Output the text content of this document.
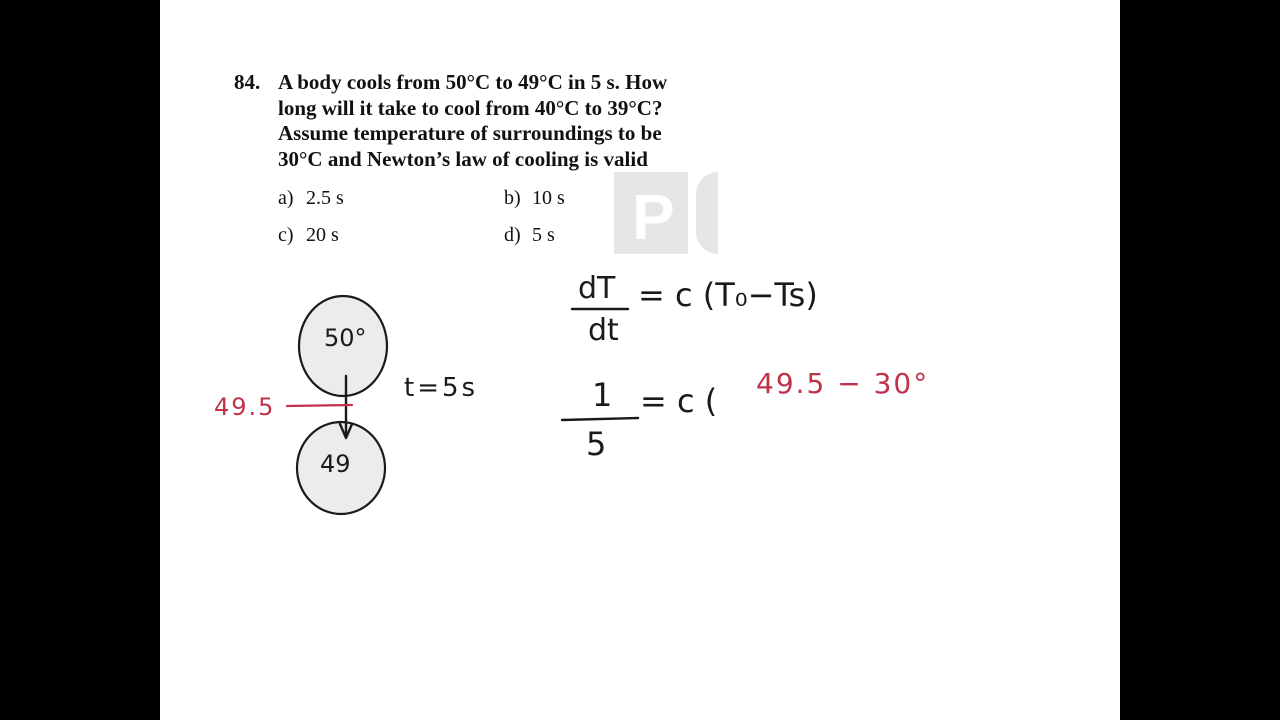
84. A body cools from 50°C to 49°C in 5 s. How
long will it take to cool from 40°C to 39°C?
Assume temperature of surroundings to be
30°C and Newton’s law of cooling is valid
a) 2.5 s	b) 10 s
c) 20 s	d) 5 s P
50°
49
49.5
t=5s
dT
dt
= c (T₀−Ts)
1
5
= c ( 49.5 − 30°
